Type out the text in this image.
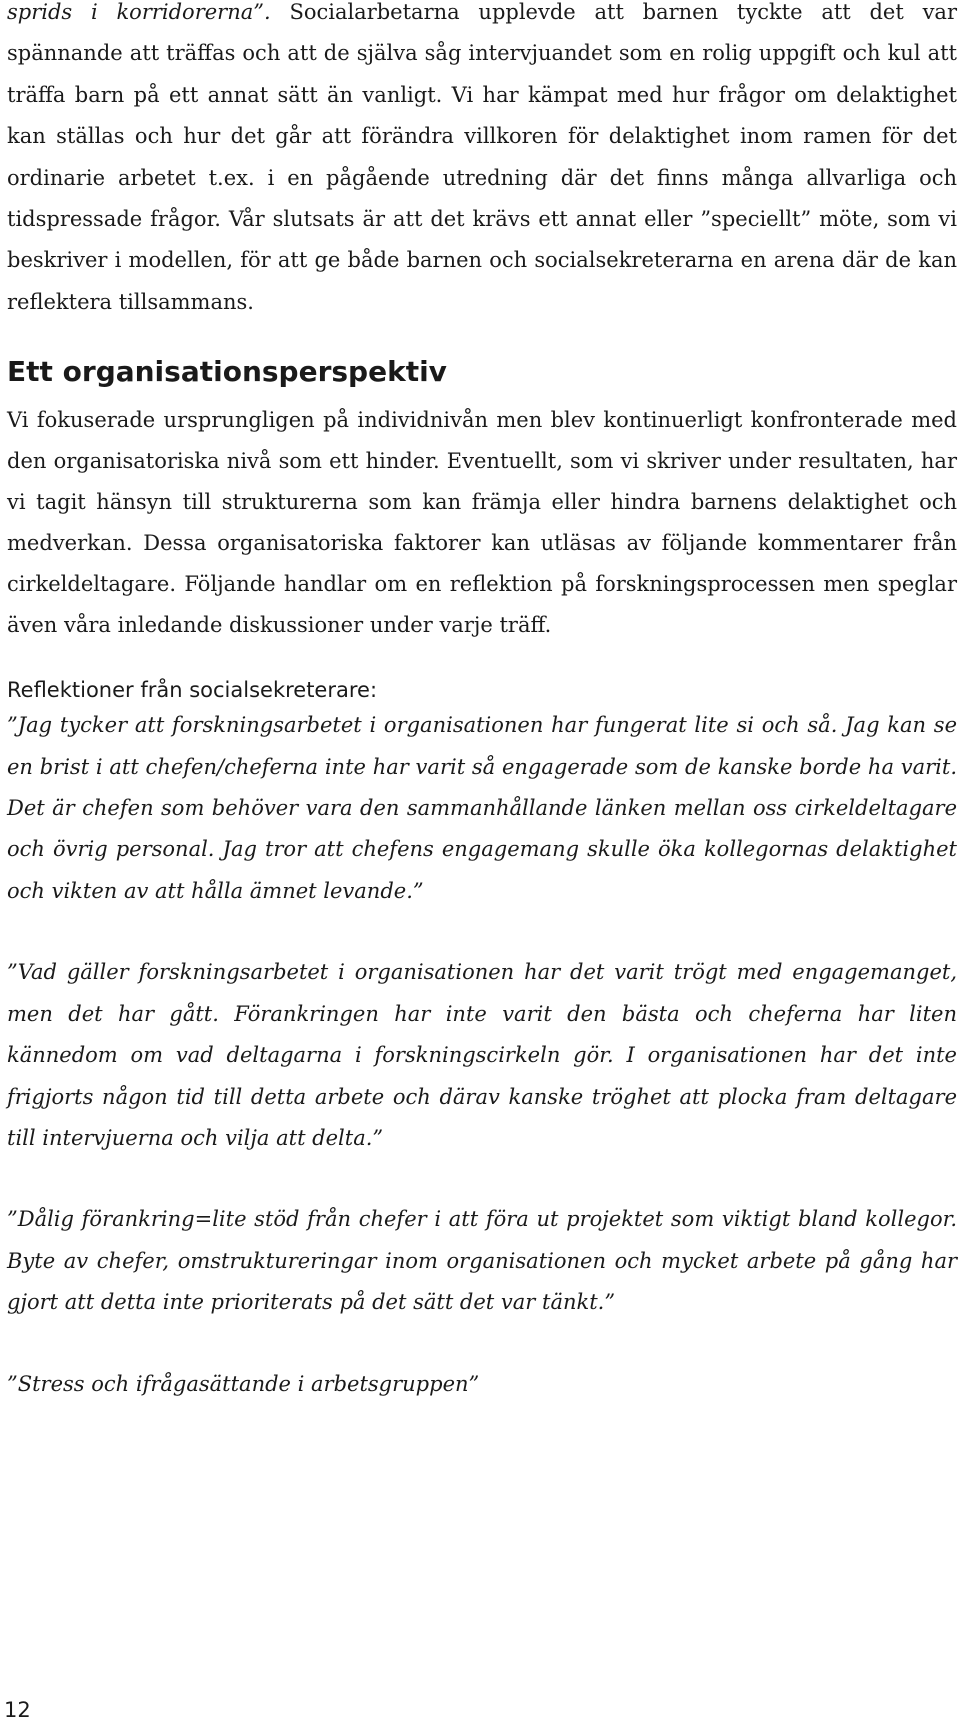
sprids i korridorerna”. Socialarbetarna upplevde att barnen tyckte att det var spännande att träffas och att de själva såg intervjuandet som en rolig uppgift och kul att träffa barn på ett annat sätt än vanligt. Vi har kämpat med hur frågor om delaktighet kan ställas och hur det går att förändra villkoren för delaktighet inom ramen för det ordinarie arbetet t.ex. i en pågående utredning där det finns många allvarliga och tidspressade frågor. Vår slutsats är att det krävs ett annat eller ”speciellt” möte, som vi beskriver i modellen, för att ge både barnen och socialsekreterarna en arena där de kan reflektera tillsammans.

Ett organisationsperspektiv

Vi fokuserade ursprungligen på individnivån men blev kontinuerligt konfronterade med den organisatoriska nivå som ett hinder. Eventuellt, som vi skriver under resultaten, har vi tagit hänsyn till strukturerna som kan främja eller hindra barnens delaktighet och medverkan. Dessa organisatoriska faktorer kan utläsas av följande kommentarer från cirkeldeltagare. Följande handlar om en reflektion på forskningsprocessen men speglar även våra inledande diskussioner under varje träff.

Reflektioner från socialsekreterare:

”Jag tycker att forskningsarbetet i organisationen har fungerat lite si och så. Jag kan se en brist i att chefen/cheferna inte har varit så engagerade som de kanske borde ha varit. Det är chefen som behöver vara den sammanhållande länken mellan oss cirkeldeltagare och övrig personal. Jag tror att chefens engagemang skulle öka kollegornas delaktighet och vikten av att hålla ämnet levande.”

”Vad gäller forskningsarbetet i organisationen har det varit trögt med engagemanget, men det har gått. Förankringen har inte varit den bästa och cheferna har liten kännedom om vad deltagarna i forskningscirkeln gör. I organisationen har det inte frigjorts någon tid till detta arbete och därav kanske tröghet att plocka fram deltagare till intervjuerna och vilja att delta.”

”Dålig förankring=lite stöd från chefer i att föra ut projektet som viktigt bland kollegor. Byte av chefer, omstruktureringar inom organisationen och mycket arbete på gång har gjort att detta inte prioriterats på det sätt det var tänkt.”

”Stress och ifrågasättande i arbetsgruppen”

12
